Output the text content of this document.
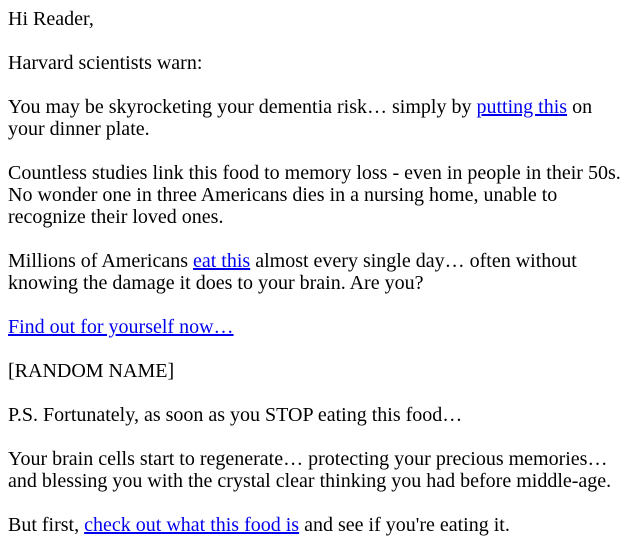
Hi Reader,

Harvard scientists warn:

You may be skyrocketing your dementia risk… simply by putting this on
your dinner plate.

Countless studies link this food to memory loss - even in people in their 50s.
No wonder one in three Americans dies in a nursing home, unable to
recognize their loved ones.

Millions of Americans eat this almost every single day… often without
knowing the damage it does to your brain. Are you?

Find out for yourself now…

[RANDOM NAME]

P.S. Fortunately, as soon as you STOP eating this food…

Your brain cells start to regenerate… protecting your precious memories…
and blessing you with the crystal clear thinking you had before middle-age.

But first, check out what this food is and see if you're eating it.
